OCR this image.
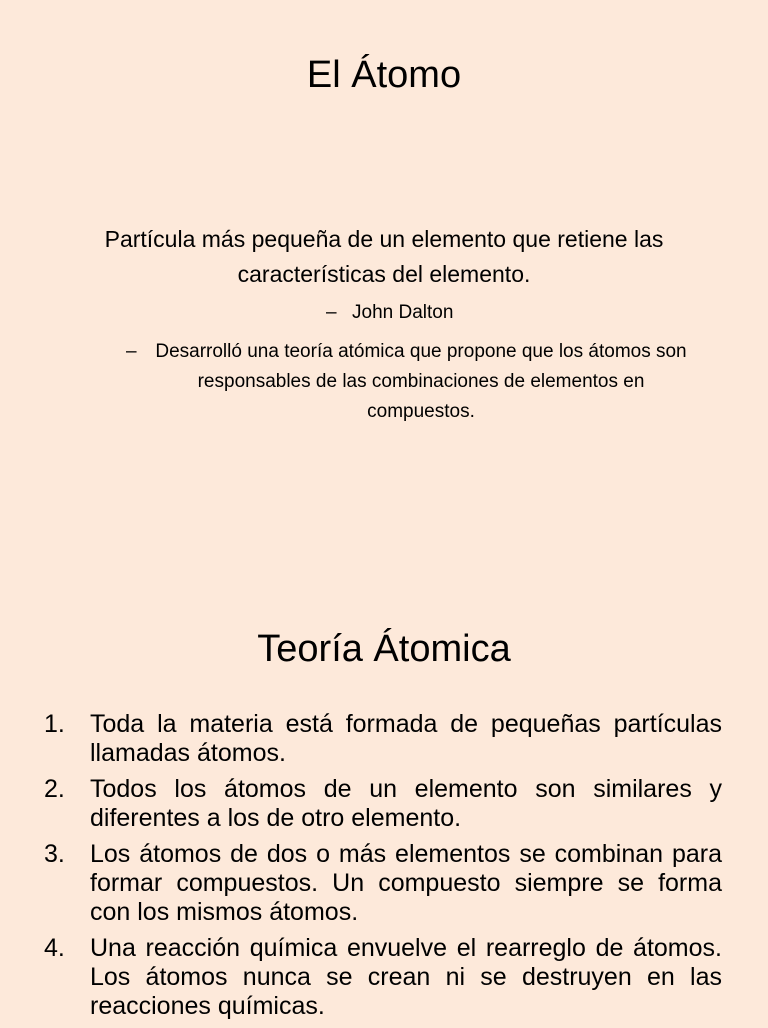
El Átomo

Partícula más pequeña de un elemento que retiene las características del elemento.

– John Dalton
– Desarrolló una teoría atómica que propone que los átomos son responsables de las combinaciones de elementos en compuestos.
Teoría Átomica
1. Toda la materia está formada de pequeñas partículas llamadas átomos.
2. Todos los átomos de un elemento son similares y diferentes a los de otro elemento.
3. Los átomos de dos o más elementos se combinan para formar compuestos. Un compuesto siempre se forma con los mismos átomos.
4. Una reacción química envuelve el rearreglo de átomos. Los átomos nunca se crean ni se destruyen en las reacciones químicas.
